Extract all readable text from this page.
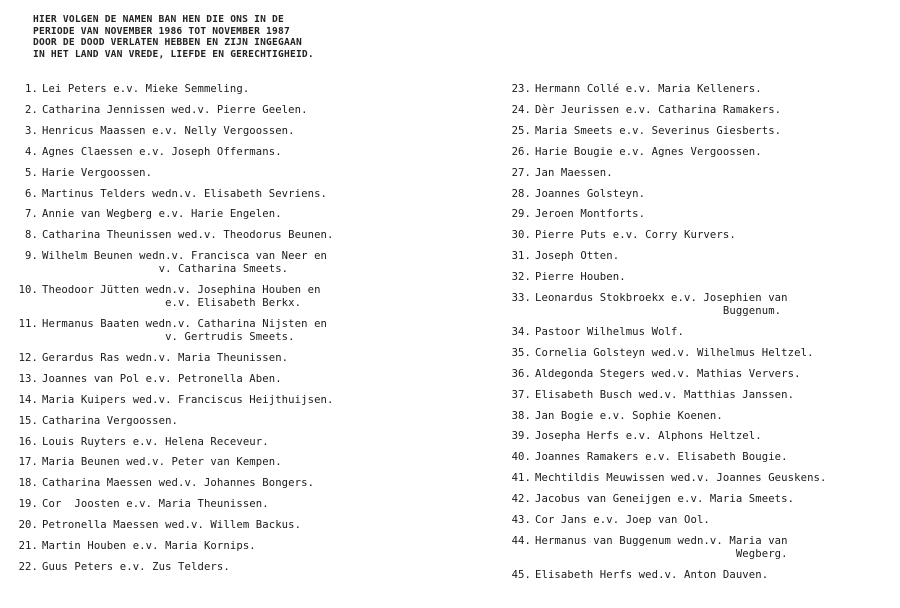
HIER VOLGEN DE NAMEN BAN HEN DIE ONS IN DE
PERIODE VAN NOVEMBER 1986 TOT NOVEMBER 1987
DOOR DE DOOD VERLATEN HEBBEN EN ZIJN INGEGAAN
IN HET LAND VAN VREDE, LIEFDE EN GERECHTIGHEID.
1. Lei Peters e.v. Mieke Semmeling.
2. Catharina Jennissen wed.v. Pierre Geelen.
3. Henricus Maassen e.v. Nelly Vergoossen.
4. Agnes Claessen e.v. Joseph Offermans.
5. Harie Vergoossen.
6. Martinus Telders wedn.v. Elisabeth Sevriens.
7. Annie van Wegberg e.v. Harie Engelen.
8. Catharina Theunissen wed.v. Theodorus Beunen.
9. Wilhelm Beunen wedn.v. Francisca van Neer en
v. Catharina Smeets.
10. Theodoor Jütten wedn.v. Josephina Houben en
e.v. Elisabeth Berkx.
11. Hermanus Baaten wedn.v. Catharina Nijsten en
v. Gertrudis Smeets.
12. Gerardus Ras wedn.v. Maria Theunissen.
13. Joannes van Pol e.v. Petronella Aben.
14. Maria Kuipers wed.v. Franciscus Heijthuijsen.
15. Catharina Vergoossen.
16. Louis Ruyters e.v. Helena Receveur.
17. Maria Beunen wed.v. Peter van Kempen.
18. Catharina Maessen wed.v. Johannes Bongers.
19. Cor  Joosten e.v. Maria Theunissen.
20. Petronella Maessen wed.v. Willem Backus.
21. Martin Houben e.v. Maria Kornips.
22. Guus Peters e.v. Zus Telders.
23. Hermann Collé e.v. Maria Kelleners.
24. Dèr Jeurissen e.v. Catharina Ramakers.
25. Maria Smeets e.v. Severinus Giesberts.
26. Harie Bougie e.v. Agnes Vergoossen.
27. Jan Maessen.
28. Joannes Golsteyn.
29. Jeroen Montforts.
30. Pierre Puts e.v. Corry Kurvers.
31. Joseph Otten.
32. Pierre Houben.
33. Leonardus Stokbroekx e.v. Josephien van
Buggenum.
34. Pastoor Wilhelmus Wolf.
35. Cornelia Golsteyn wed.v. Wilhelmus Heltzel.
36. Aldegonda Stegers wed.v. Mathias Ververs.
37. Elisabeth Busch wed.v. Matthias Janssen.
38. Jan Bogie e.v. Sophie Koenen.
39. Josepha Herfs e.v. Alphons Heltzel.
40. Joannes Ramakers e.v. Elisabeth Bougie.
41. Mechtildis Meuwissen wed.v. Joannes Geuskens.
42. Jacobus van Geneijgen e.v. Maria Smeets.
43. Cor Jans e.v. Joep van Ool.
44. Hermanus van Buggenum wedn.v. Maria van
Wegberg.
45. Elisabeth Herfs wed.v. Anton Dauven.
